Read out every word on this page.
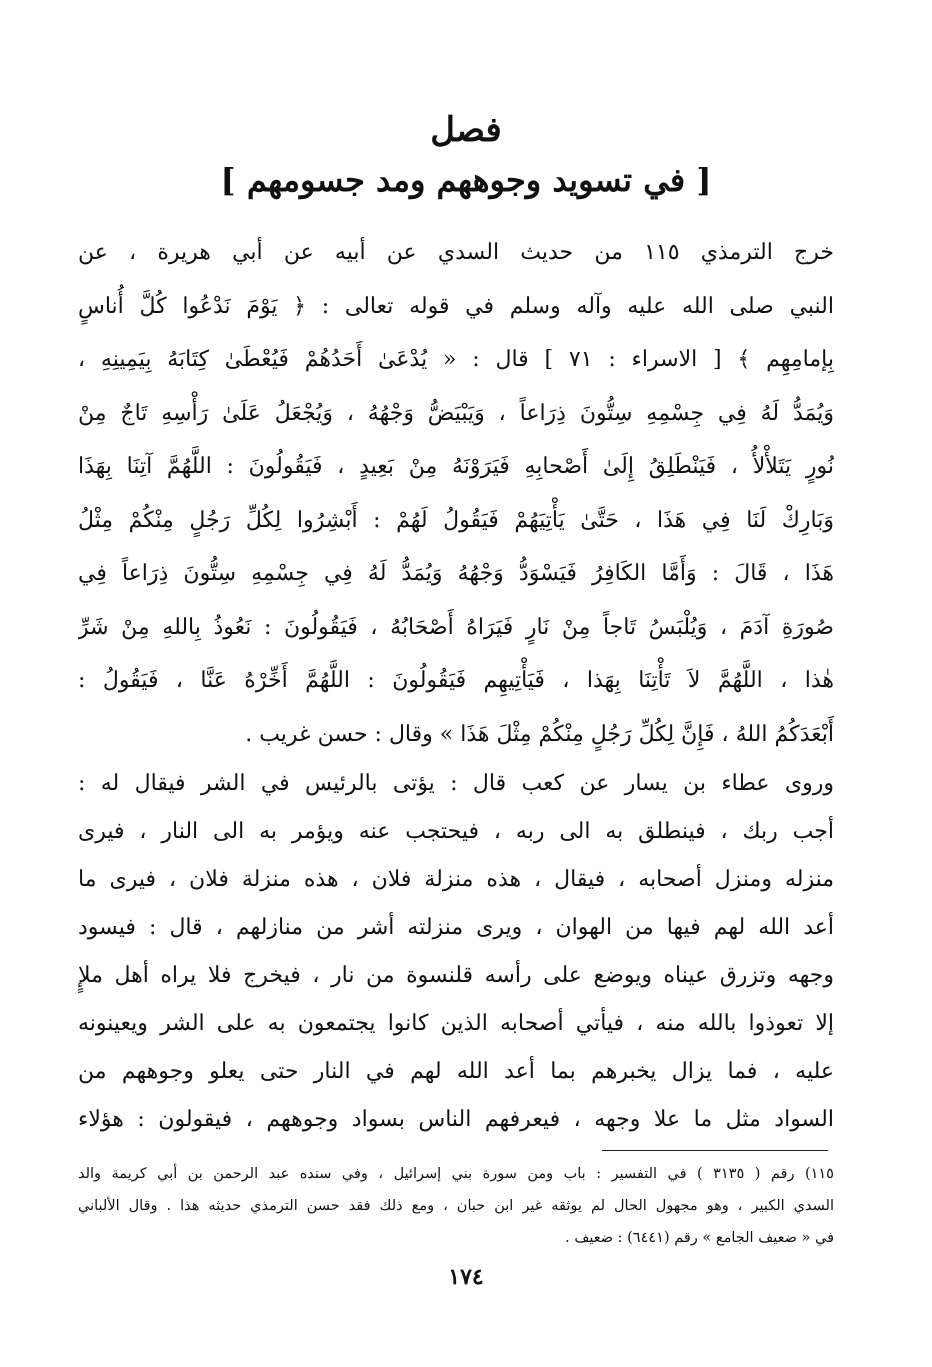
فصل
[ في تسويد وجوههم ومد جسومهم ]
خرج الترمذي ١١٥ من حديث السدي عن أبيه عن أبي هريرة ، عن
النبي صلى الله عليه وآله وسلم في قوله تعالى : ﴿ يَوْمَ نَدْعُوا كُلَّ أُناسٍ
بِإمامِهِم ﴾ [ الاسراء : ٧١ ] قال : « يُدْعَىٰ أَحَدُهُمْ فَيُعْطَىٰ كِتَابَهُ بِيَمِينِهِ ،
وَيُمَدُّ لَهُ فِي جِسْمِهِ سِتُّونَ ذِرَاعاً ، وَيَبْيَضُّ وَجْهُهُ ، وَيُجْعَلُ عَلَىٰ رَأْسِهِ تَاجٌ مِنْ
نُورٍ يَتَلأْلأُ ، فَيَنْطَلِقُ إِلَىٰ أَصْحابِهِ فَيَرَوْنَهُ مِنْ بَعِيدٍ ، فَيَقُولُونَ : اللَّهُمَّ آتِنَا بِهَذَا
وَبَارِكْ لَنَا فِي هَذَا ، حَتَّىٰ يَأْتِيَهُمْ فَيَقُولُ لَهُمْ : أَبْشِرُوا لِكُلِّ رَجُلٍ مِنْكُمْ مِثْلُ
هَذَا ، قَالَ : وَأَمَّا الكَافِرُ فَيَسْوَدُّ وَجْهُهُ وَيُمَدُّ لَهُ فِي جِسْمِهِ سِتُّونَ ذِرَاعاً فِي
صُورَةِ آدَمَ ، وَيُلْبَسُ تَاجاً مِنْ نَارٍ فَيَرَاهُ أَصْحَابُهُ ، فَيَقُولُونَ : نَعُوذُ بِاللهِ مِنْ شَرِّ
هٰذا ، اللَّهُمَّ لاَ تَأْتِنَا بِهَذا ، فَيَأْتِيهِم فَيَقُولُونَ : اللَّهُمَّ أَخِّرْهُ عَنَّا ، فَيَقُولُ :
أَبْعَدَكُمُ اللهُ ، فَإِنَّ لِكُلِّ رَجُلٍ مِنْكُمْ مِثْلَ هَذَا » وقال : حسن غريب .
وروى عطاء بن يسار عن كعب قال : يؤتى بالرئيس في الشر فيقال له :
أجب ربك ، فينطلق به الى ربه ، فيحتجب عنه ويؤمر به الى النار ، فيرى
منزله ومنزل أصحابه ، فيقال ، هذه منزلة فلان ، هذه منزلة فلان ، فيرى ما
أعد الله لهم فيها من الهوان ، ويرى منزلته أشر من منازلهم ، قال : فيسود
وجهه وتزرق عيناه ويوضع على رأسه قلنسوة من نار ، فيخرج فلا يراه أهل ملإٍ
إلا تعوذوا بالله منه ، فيأتي أصحابه الذين كانوا يجتمعون به على الشر ويعينونه
عليه ، فما يزال يخبرهم بما أعد الله لهم في النار حتى يعلو وجوههم من
السواد مثل ما علا وجهه ، فيعرفهم الناس بسواد وجوههم ، فيقولون : هؤلاء
١١٥) رقم ( ٣١٣٥ ) في التفسير : باب ومن سورة بني إسرائيل ، وفي سنده عبد الرحمن بن أبي كريمة والد
السدي الكبير ، وهو مجهول الحال لم يوثقه غير ابن حبان ، ومع ذلك فقد حسن الترمذي حديثه هذا . وقال الألباني
في « ضعيف الجامع » رقم (٦٤٤١) : ضعيف .
١٧٤
